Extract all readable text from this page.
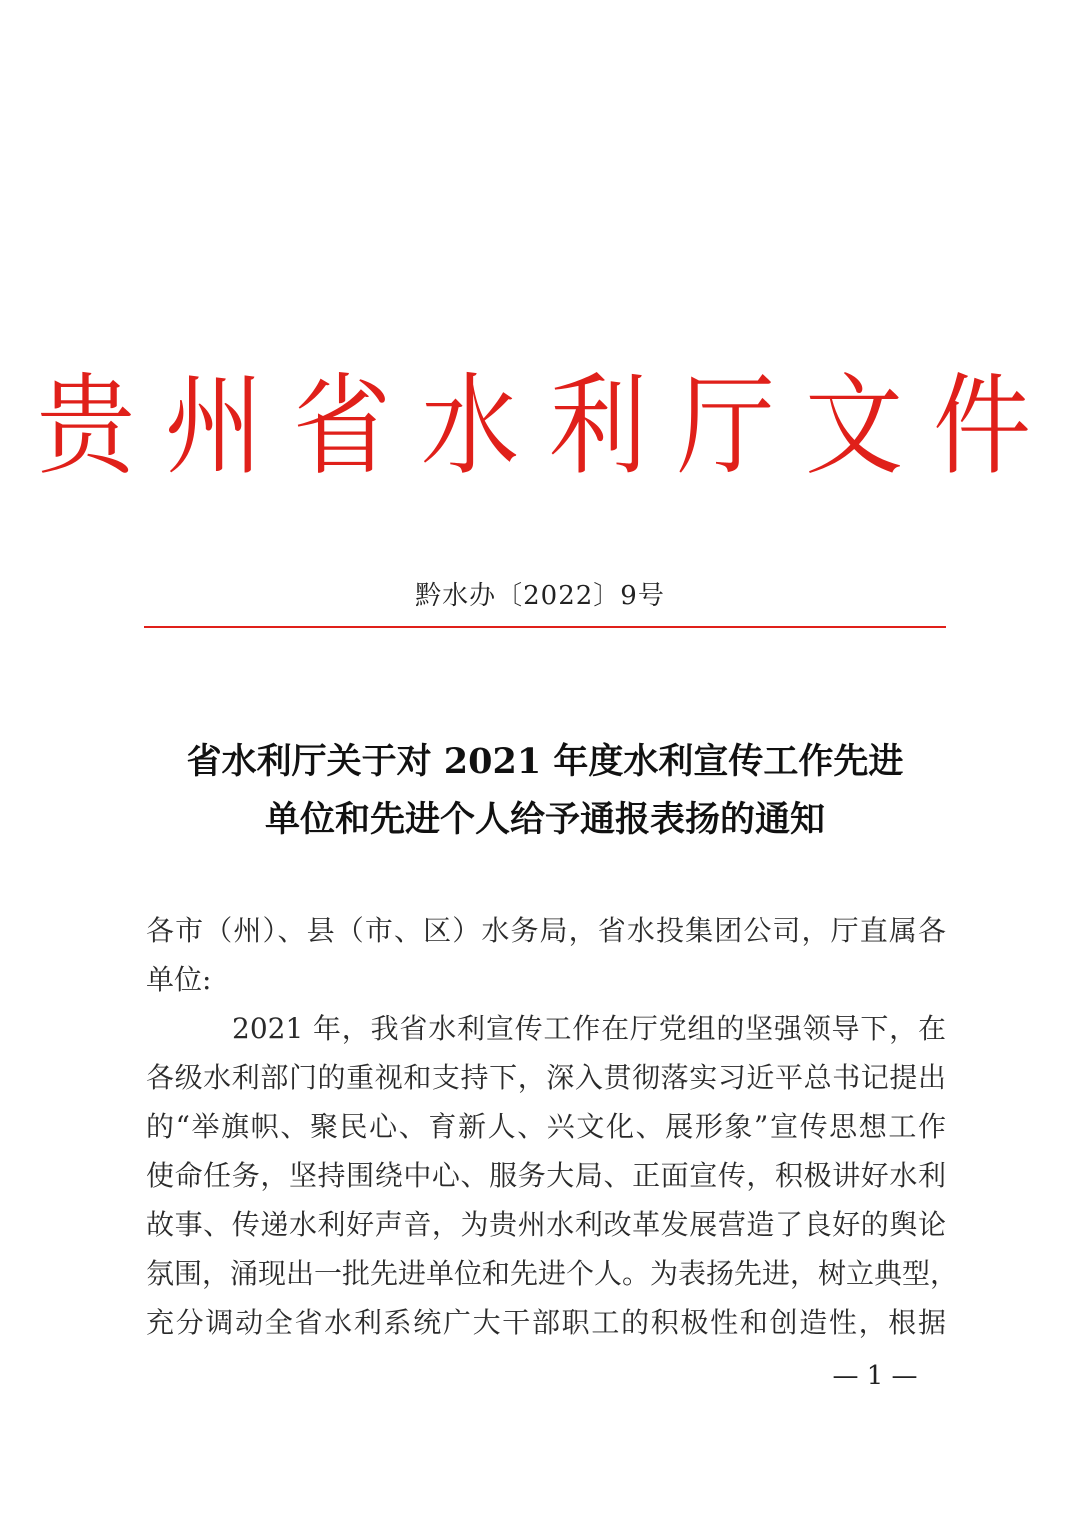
贵州省水利厅文件
黔水办〔2022〕9号
省水利厅关于对 2021 年度水利宣传工作先进
单位和先进个人给予通报表扬的通知
各市（州）、县（市、区）水务局，省水投集团公司，厅直属各
单位:
2021 年，我省水利宣传工作在厅党组的坚强领导下，在
各级水利部门的重视和支持下，深入贯彻落实习近平总书记提出
的“举旗帜、聚民心、育新人、兴文化、展形象”宣传思想工作
使命任务，坚持围绕中心、服务大局、正面宣传，积极讲好水利
故事、传递水利好声音，为贵州水利改革发展营造了良好的舆论
氛围，涌现出一批先进单位和先进个人。为表扬先进，树立典型，
充分调动全省水利系统广大干部职工的积极性和创造性，根据
— 1 —
